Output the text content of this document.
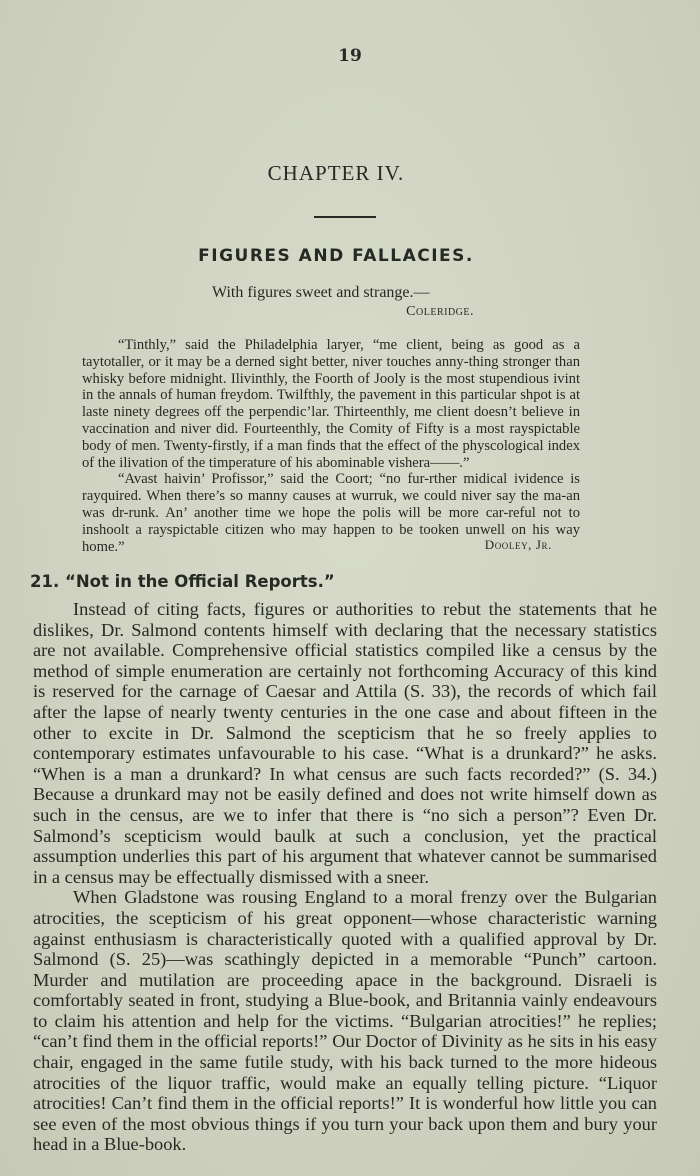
19
CHAPTER IV.
FIGURES AND FALLACIES.
With figures sweet and strange.—
Coleridge.

“Tinthly,” said the Philadelphia laryer, “me client, being as good as a taytotaller, or it may be a derned sight better, niver touches anny-thing stronger than whisky before midnight. Ilivinthly, the Foorth of Jooly is the most stupendious ivint in the annals of human freydom. Twilfthly, the pavement in this particular shpot is at laste ninety degrees off the perpendic’lar. Thirteenthly, me client doesn’t believe in vaccination and niver did. Fourteenthly, the Comity of Fifty is a most rayspictable body of men. Twenty-firstly, if a man finds that the effect of the physcological index of the ilivation of the timperature of his abominable vishera——.”

“Avast haivin’ Profissor,” said the Coort; “no fur-rther midical ividence is rayquired. When there’s so manny causes at wurruk, we could niver say the ma-an was dr-runk. An’ another time we hope the polis will be more car-reful not to inshoolt a rayspictable citizen who may happen to be tooken unwell on his way home.”	Dooley, Jr.
21. “Not in the Official Reports.”

Instead of citing facts, figures or authorities to rebut the statements that he dislikes, Dr. Salmond contents himself with declaring that the necessary statistics are not available. Comprehensive official statistics compiled like a census by the method of simple enumeration are certainly not forthcoming Accuracy of this kind is reserved for the carnage of Caesar and Attila (S. 33), the records of which fail after the lapse of nearly twenty centuries in the one case and about fifteen in the other to excite in Dr. Salmond the scepticism that he so freely applies to contemporary estimates unfavourable to his case. “What is a drunkard?” he asks. “When is a man a drunkard? In what census are such facts recorded?” (S. 34.) Because a drunkard may not be easily defined and does not write himself down as such in the census, are we to infer that there is “no sich a person”? Even Dr. Salmond’s scepticism would baulk at such a conclusion, yet the practical assumption underlies this part of his argument that whatever cannot be summarised in a census may be effectually dismissed with a sneer.

When Gladstone was rousing England to a moral frenzy over the Bulgarian atrocities, the scepticism of his great opponent—whose characteristic warning against enthusiasm is characteristically quoted with a qualified approval by Dr. Salmond (S. 25)—was scathingly depicted in a memorable “Punch” cartoon. Murder and mutilation are proceeding apace in the background. Disraeli is comfortably seated in front, studying a Blue-book, and Britannia vainly endeavours to claim his attention and help for the victims. “Bulgarian atrocities!” he replies; “can’t find them in the official reports!” Our Doctor of Divinity as he sits in his easy chair, engaged in the same futile study, with his back turned to the more hideous atrocities of the liquor traffic, would make an equally telling picture. “Liquor atrocities! Can’t find them in the official reports!” It is wonderful how little you can see even of the most obvious things if you turn your back upon them and bury your head in a Blue-book.
